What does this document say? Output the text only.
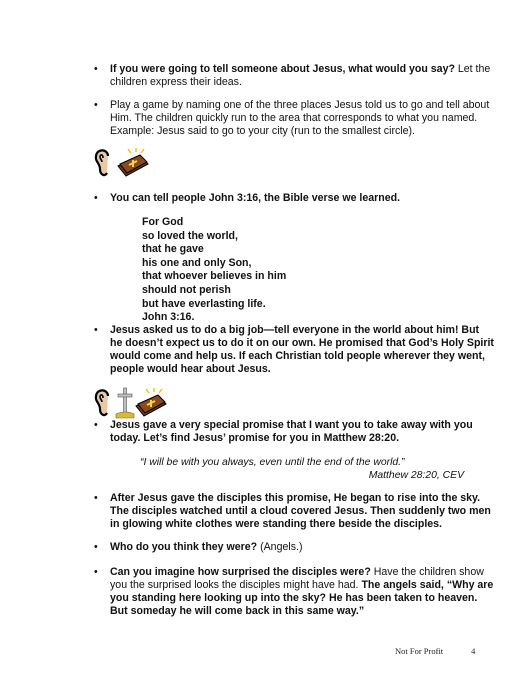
• If you were going to tell someone about Jesus, what would you say? Let the children express their ideas.
• Play a game by naming one of the three places Jesus told us to go and tell about Him. The children quickly run to the area that corresponds to what you named. Example: Jesus said to go to your city (run to the smallest circle).
• You can tell people John 3:16, the Bible verse we learned.
For God
so loved the world,
that he gave
his one and only Son,
that whoever believes in him
should not perish
but have everlasting life.
John 3:16.
• Jesus asked us to do a big job—tell everyone in the world about him! But he doesn’t expect us to do it on our own. He promised that God’s Holy Spirit would come and help us. If each Christian told people wherever they went, people would hear about Jesus.
• Jesus gave a very special promise that I want you to take away with you today. Let’s find Jesus’ promise for you in Matthew 28:20.
“I will be with you always, even until the end of the world.”
Matthew 28:20, CEV
• After Jesus gave the disciples this promise, He began to rise into the sky. The disciples watched until a cloud covered Jesus. Then suddenly two men in glowing white clothes were standing there beside the disciples.
• Who do you think they were? (Angels.)
• Can you imagine how surprised the disciples were? Have the children show you the surprised looks the disciples might have had. The angels said, “Why are you standing here looking up into the sky? He has been taken to heaven. But someday he will come back in this same way.”
Not For Profit	4
